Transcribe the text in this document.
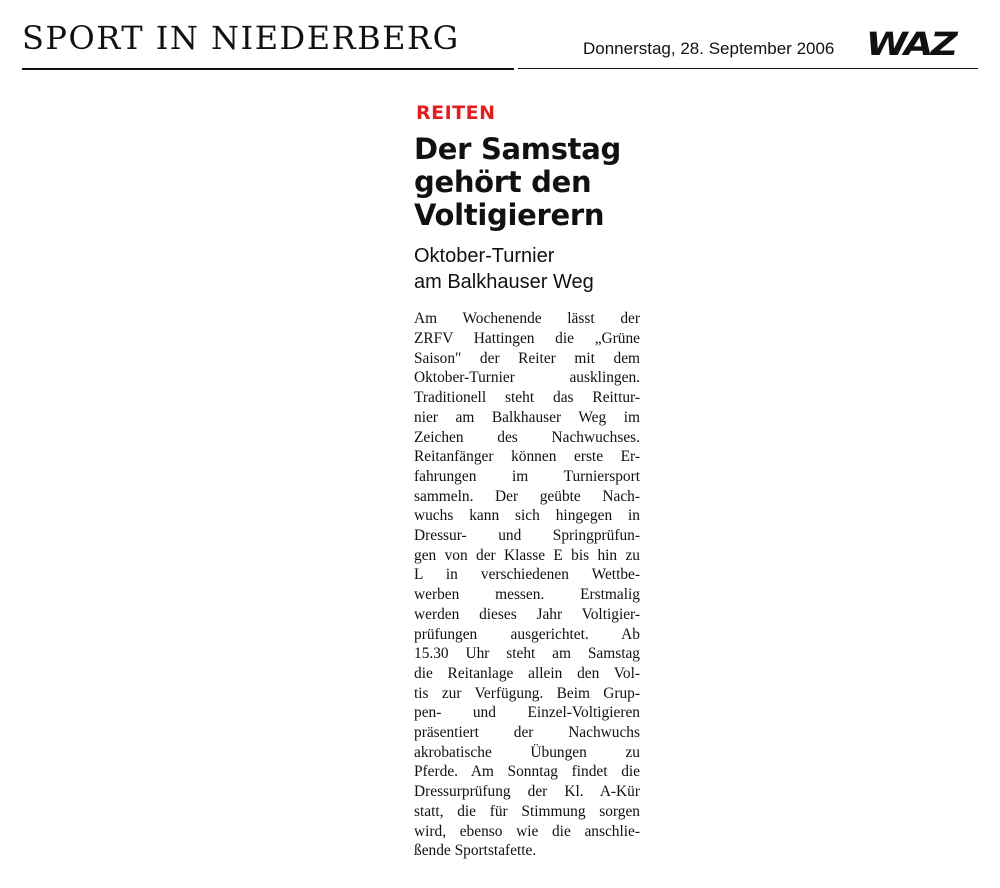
SPORT IN NIEDERBERG	Donnerstag, 28. September 2006 WAZ
REITEN
Der Samstag
gehört den
Voltigierern
Oktober-Turnier
am Balkhauser Weg
Am Wochenende lässt der
ZRFV Hattingen die „Grüne
Saison" der Reiter mit dem
Oktober-Turnier ausklingen.
Traditionell steht das Reittur-
nier am Balkhauser Weg im
Zeichen des Nachwuchses.
Reitanfänger können erste Er-
fahrungen im Turniersport
sammeln. Der geübte Nach-
wuchs kann sich hingegen in
Dressur- und Springprüfun-
gen von der Klasse E bis hin zu
L in verschiedenen Wettbe-
werben messen. Erstmalig
werden dieses Jahr Voltigier-
prüfungen ausgerichtet. Ab
15.30 Uhr steht am Samstag
die Reitanlage allein den Vol-
tis zur Verfügung. Beim Grup-
pen- und Einzel-Voltigieren
präsentiert der Nachwuchs
akrobatische Übungen zu
Pferde. Am Sonntag findet die
Dressurprüfung der Kl. A-Kür
statt, die für Stimmung sorgen
wird, ebenso wie die anschlie-
ßende Sportstafette.
